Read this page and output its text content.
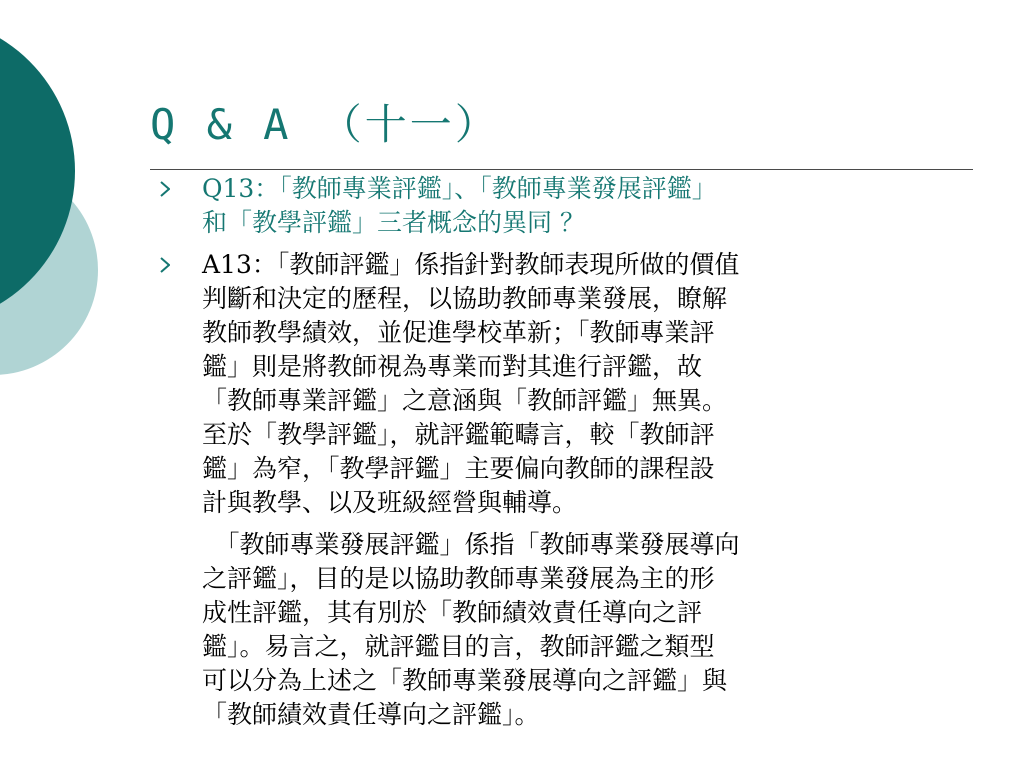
Q & A （十一）
Q13：「教師專業評鑑」、「教師專業發展評鑑」
和「教學評鑑」三者概念的異同 ？
A13：「教師評鑑」係指針對教師表現所做的價值
判斷和決定的歷程，以協助教師專業發展，瞭解
教師教學績效，並促進學校革新；「教師專業評
鑑」則是將教師視為專業而對其進行評鑑，故
「教師專業評鑑」之意涵與「教師評鑑」無異。
至於「教學評鑑」，就評鑑範疇言，較「教師評
鑑」為窄，「教學評鑑」主要偏向教師的課程設
計與教學、以及班級經營與輔導。
　「教師專業發展評鑑」係指「教師專業發展導向
之評鑑」，目的是以協助教師專業發展為主的形
成性評鑑，其有別於「教師績效責任導向之評
鑑」。易言之，就評鑑目的言，教師評鑑之類型
可以分為上述之「教師專業發展導向之評鑑」與
「教師績效責任導向之評鑑」。
